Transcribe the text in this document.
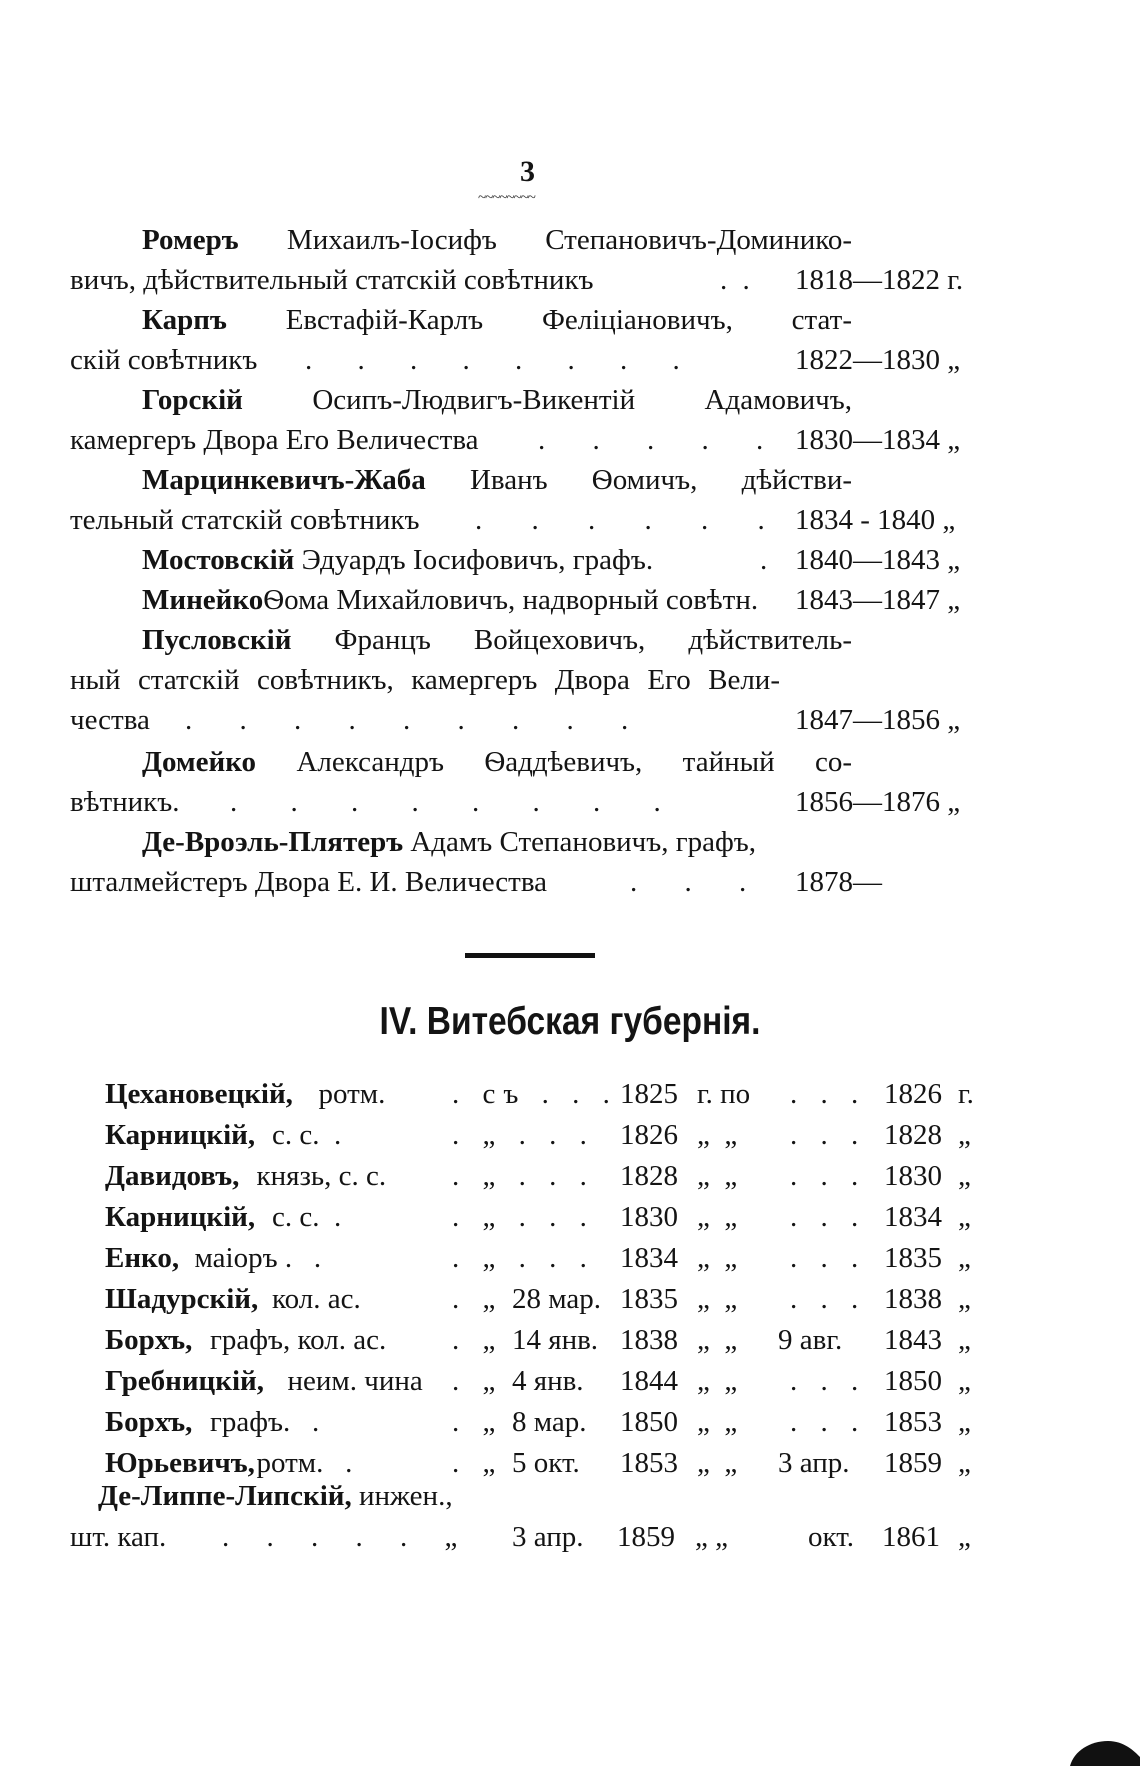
3
~~~~~~~~
Ромеръ Михаилъ-Іосифъ Степановичъ-Доминико-
вичъ, дѣйствительный статскій совѣтникъ	. . 1818—1822 г.
Карпъ Евстафій-Карлъ Феліціановичъ, стат-
скій совѣтникъ . . . . . . . .	1822—1830 „
Горскій Осипъ-Людвигъ-Викентій Адамовичъ,
камергеръ Двора Его Величества . . . . . 1830—1834 „
Марцинкевичъ-Жаба Иванъ Ѳомичъ, дѣйстви-
тельный статскій совѣтникъ . . . . . . 1834 - 1840 „
Мостовскій Эдуардъ Іосифовичъ, графъ.	. 1840—1843 „
МинейкоѲома Михайловичъ, надворный совѣтн. 1843—1847 „
Пусловскій Францъ Войцеховичъ, дѣйствитель-
ный статскій совѣтникъ, камергеръ Двора Его Вели-
чества . . . . . . . . .	1847—1856 „
Домейко Александръ Ѳаддѣевичъ, тайный со-
вѣтникъ. . . . . . . . .	1856—1876 „
Де-Вроэль-Плятеръ Адамъ Степановичъ, графъ,
шталмейстеръ Двора Е. И. Величества	. . . 1878—
IV. Витебская губернія.
Цехановецкій, ротм. . съ . . . 1825 г. по . . . 1826 г.
Карницкій, с. с.  .	. „ . . . 1826 „  „ . . . 1828 „
Давидовъ, князь, с. с. . „ . . . 1828 „  „ . . . 1830 „
Карницкій, с. с.  .	. „ . . . 1830 „  „ . . . 1834 „
Енко, маіоръ .   .	. „ . . . 1834 „  „ . . . 1835 „
Шадурскій, кол. ас.	. „ 28 мар. 1835 „  „ . . . 1838 „
Борхъ, графъ, кол. ас. . „ 14 янв. 1838 „  „ 9 авг. 1843 „
Гребницкій, неим. чина . „ 4 янв. 1844 „  „ . . . 1850 „
Борхъ, графъ.   .	. „ 8 мар. 1850 „  „ . . . 1853 „
Юрьевичъ, ротм.   .	. „ 5 окт. 1853 „  „ 3 апр. 1859 „
Де-Липпе-Липскій, инжен.,
шт. кап. . . . . . „ 3 апр. 1859 „ „	окт. 1861 „
